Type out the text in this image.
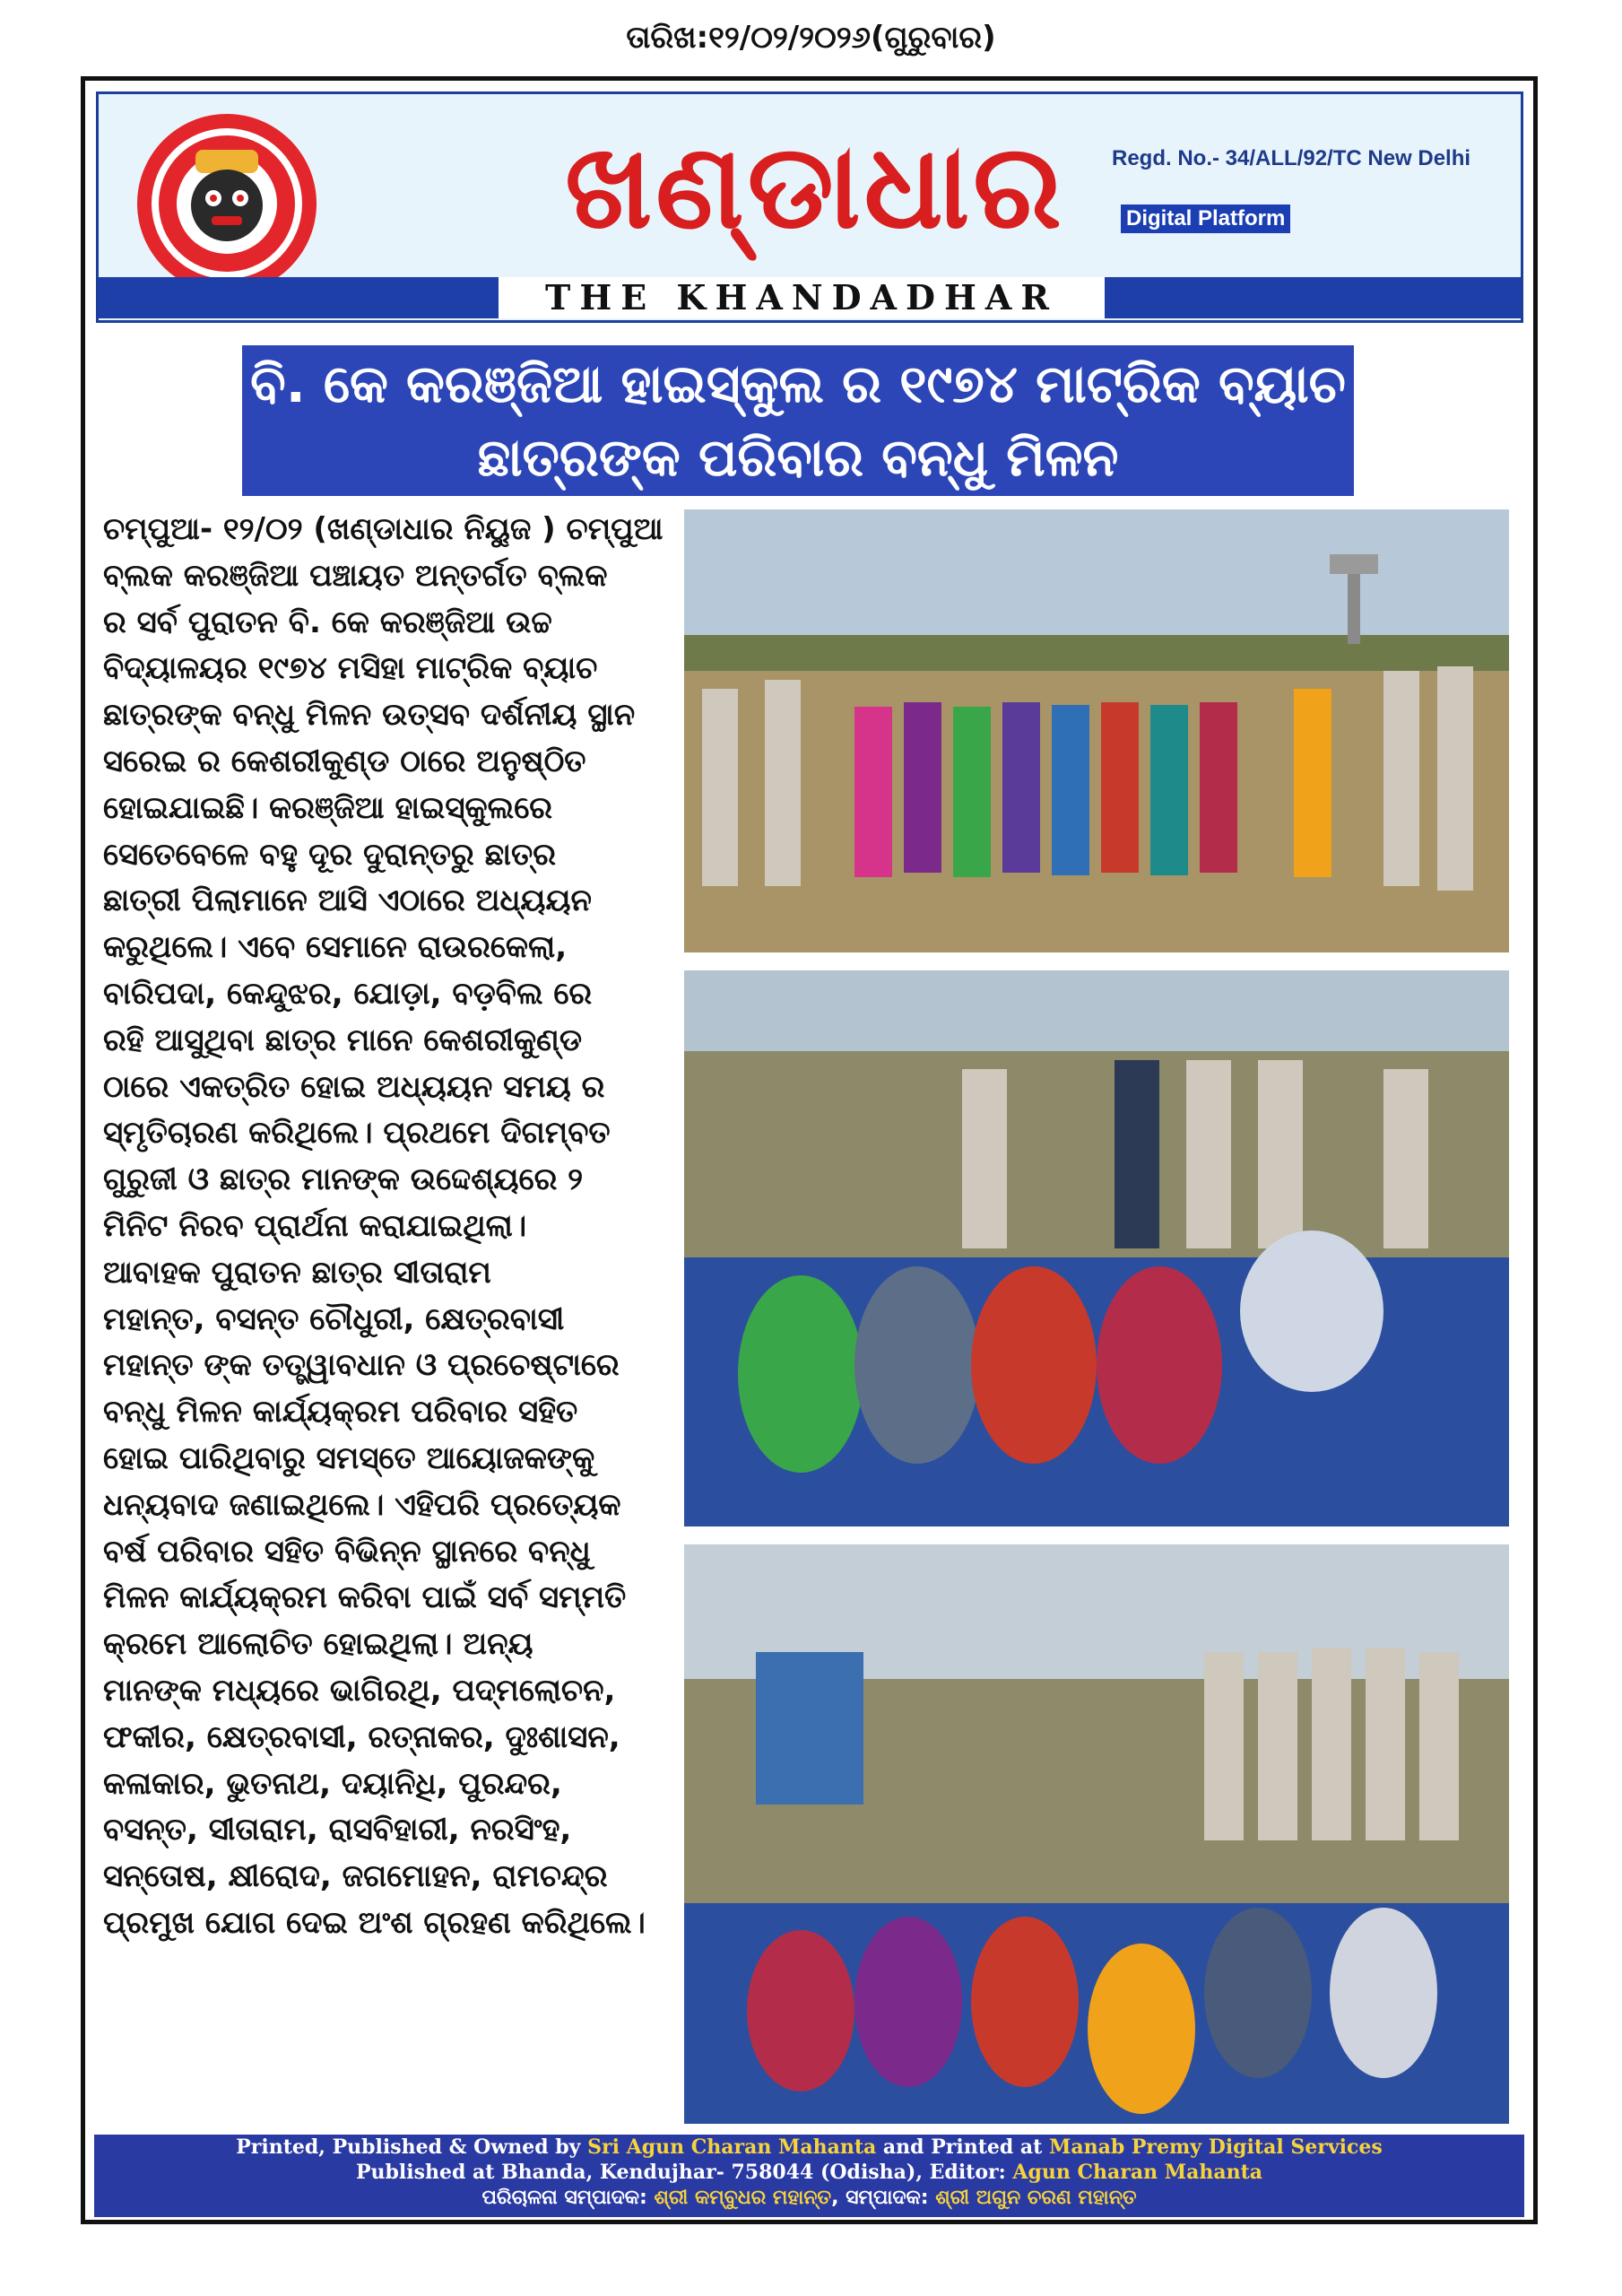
ତାରିଖ:୧୨/୦୨/୨୦୨୬(ଗୁରୁବାର)
ଖଣ୍ଡାଧାର	Regd. No.- 34/ALL/92/TC New Delhi
Digital Platform
THE KHANDADHAR
ବି. କେ କରଞ୍ଜିଆ ହାଇସ୍କୁଲ ର ୧୯୭୪ ମାଟ୍ରିକ ବ୍ୟାଚ
ଛାତ୍ରଙ୍କ ପରିବାର ବନ୍ଧୁ ମିଳନ
ଚମ୍ପୁଆ- ୧୨/୦୨ (ଖଣ୍ଡାଧାର ନିୟୁଜ ) ଚମ୍ପୁଆ
ବ୍ଲକ କରଞ୍ଜିଆ ପଞ୍ଚାୟତ ଅନ୍ତର୍ଗତ ବ୍ଲକ
ର ସର୍ବ ପୁରାତନ ବି. କେ କରଞ୍ଜିଆ ଉଚ୍ଚ
ବିଦ୍ୟାଳୟର ୧୯୭୪ ମସିହା ମାଟ୍ରିକ ବ୍ୟାଚ
ଛାତ୍ରଙ୍କ ବନ୍ଧୁ ମିଳନ ଉତ୍ସବ ଦର୍ଶନୀୟ ସ୍ଥାନ
ସରେଇ ର କେଶରୀକୁଣ୍ଡ ଠାରେ ଅନୁଷ୍ଠିତ
ହୋଇଯାଇଛି। କରଞ୍ଜିଆ ହାଇସ୍କୁଲରେ
ସେତେବେଳେ ବହୁ ଦୂର ଦୁରାନ୍ତରୁ ଛାତ୍ର
ଛାତ୍ରୀ ପିଲାମାନେ ଆସି ଏଠାରେ ଅଧ୍ୟୟନ
କରୁଥିଲେ। ଏବେ ସେମାନେ ରାଉରକେଲା,
ବାରିପଦା, କେନ୍ଦୁଝର, ଯୋଡ଼ା, ବଡ଼ବିଲ ରେ
ରହି ଆସୁଥିବା ଛାତ୍ର ମାନେ କେଶରୀକୁଣ୍ଡ
ଠାରେ ଏକତ୍ରିତ ହୋଇ ଅଧ୍ୟୟନ ସମୟ ର
ସ୍ମୃତିଚାରଣ କରିଥିଲେ। ପ୍ରଥମେ ଦିଗମ୍ବତ
ଗୁରୁଜୀ ଓ ଛାତ୍ର ମାନଙ୍କ ଉଦ୍ଦେଶ୍ୟରେ ୨
ମିନିଟ ନିରବ ପ୍ରାର୍ଥନା କରାଯାଇଥିଲା।
ଆବାହକ ପୁରାତନ ଛାତ୍ର ସୀତାରାମ
ମହାନ୍ତ, ବସନ୍ତ ଚୌଧୁରୀ, କ୍ଷେତ୍ରବାସୀ
ମହାନ୍ତ ଙ୍କ ତତ୍ତ୍ୱାବଧାନ ଓ ପ୍ରଚେଷ୍ଟାରେ
ବନ୍ଧୁ ମିଳନ କାର୍ଯ୍ୟକ୍ରମ ପରିବାର ସହିତ
ହୋଇ ପାରିଥିବାରୁ ସମସ୍ତେ ଆୟୋଜକଙ୍କୁ
ଧନ୍ୟବାଦ ଜଣାଇଥିଲେ। ଏହିପରି ପ୍ରତ୍ୟେକ
ବର୍ଷ ପରିବାର ସହିତ ବିଭିନ୍ନ ସ୍ଥାନରେ ବନ୍ଧୁ
ମିଳନ କାର୍ଯ୍ୟକ୍ରମ କରିବା ପାଇଁ ସର୍ବ ସମ୍ମତି
କ୍ରମେ ଆଲୋଚିତ ହୋଇଥିଲା। ଅନ୍ୟ
ମାନଙ୍କ ମଧ୍ୟରେ ଭାଗିରଥି, ପଦ୍ମଲୋଚନ,
ଫକୀର, କ୍ଷେତ୍ରବାସୀ, ରତ୍ନାକର, ଦୁଃଶାସନ,
କଳାକାର, ଭୁତନାଥ, ଦୟାନିଧି, ପୁରନ୍ଦର,
ବସନ୍ତ, ସୀତାରାମ, ରାସବିହାରୀ, ନରସିଂହ,
ସନ୍ତୋଷ, କ୍ଷୀରୋଦ, ଜଗମୋହନ, ରାମଚନ୍ଦ୍ର
ପ୍ରମୁଖ ଯୋଗ ଦେଇ ଅଂଶ ଗ୍ରହଣ କରିଥିଲେ।
Printed, Published & Owned by Sri Agun Charan Mahanta and Printed at Manab Premy Digital Services
Published at Bhanda, Kendujhar- 758044 (Odisha), Editor: Agun Charan Mahanta
ପରିଚାଳନା ସମ୍ପାଦକ: ଶ୍ରୀ କମ୍ବୁଧର ମହାନ୍ତ, ସମ୍ପାଦକ: ଶ୍ରୀ ଅଗୁନ ଚରଣ ମହାନ୍ତ
